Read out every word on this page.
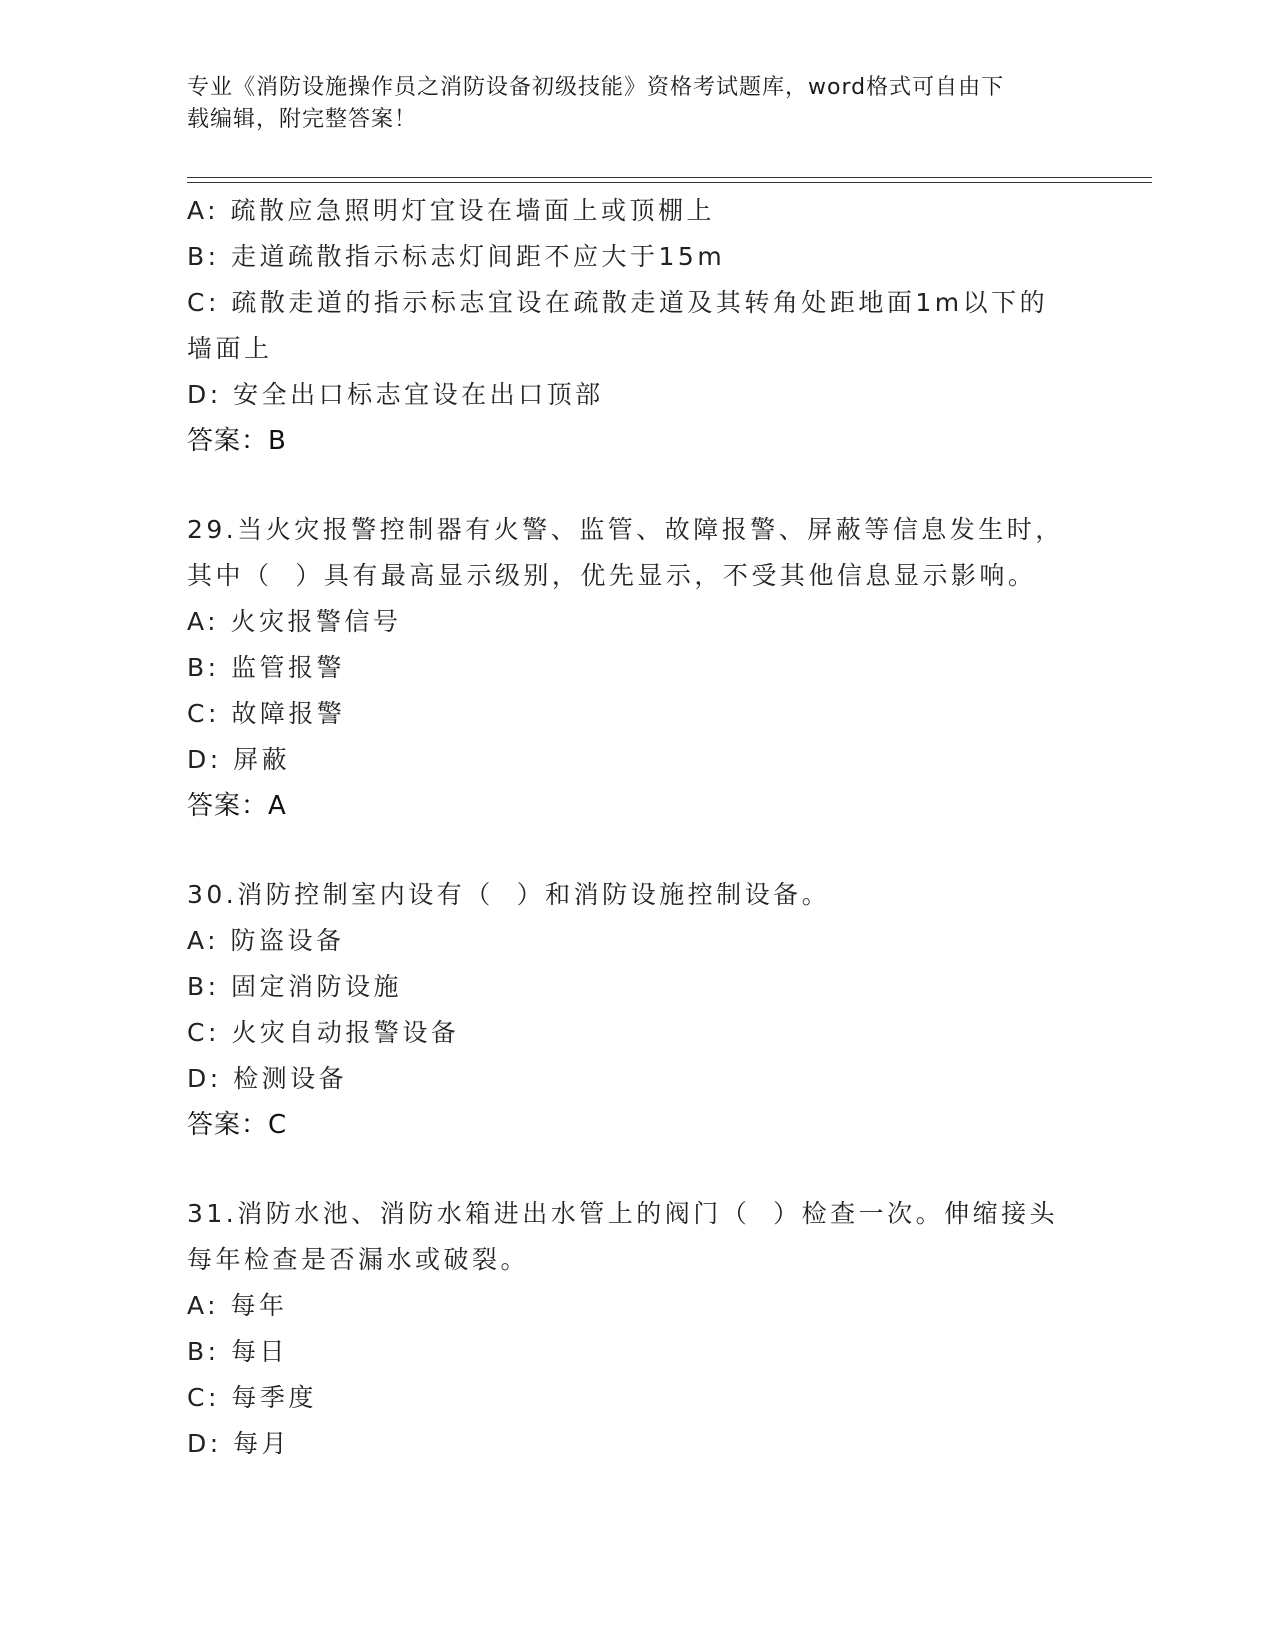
专业《消防设施操作员之消防设备初级技能》资格考试题库，word格式可自由下
载编辑，附完整答案！
A: 疏散应急照明灯宜设在墙面上或顶棚上
B: 走道疏散指示标志灯间距不应大于15m
C: 疏散走道的指示标志宜设在疏散走道及其转角处距地面1m以下的
墙面上
D: 安全出口标志宜设在出口顶部
答案：B
29.当火灾报警控制器有火警、监管、故障报警、屏蔽等信息发生时，
其中（  ）具有最高显示级别，优先显示，不受其他信息显示影响。
A: 火灾报警信号
B: 监管报警
C: 故障报警
D: 屏蔽
答案：A
30.消防控制室内设有（  ）和消防设施控制设备。
A: 防盗设备
B: 固定消防设施
C: 火灾自动报警设备
D: 检测设备
答案：C
31.消防水池、消防水箱进出水管上的阀门（  ）检查一次。伸缩接头
每年检查是否漏水或破裂。
A: 每年
B: 每日
C: 每季度
D: 每月
